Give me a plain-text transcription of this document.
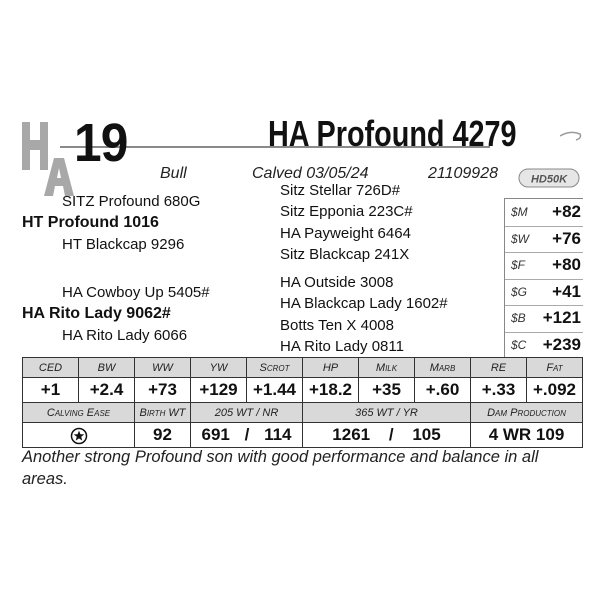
19	HA Profound 4279
Bull	Calved 03/05/24	21109928	HD50K
SITZ Profound 680G
HT Profound 1016
HT Blackcap 9296
Sitz Stellar 726D#
Sitz Epponia 223C#
HA Payweight 6464
Sitz Blackcap 241X
HA Cowboy Up 5405#
HA Rito Lady 9062#
HA Rito Lady 6066
HA Outside 3008
HA Blackcap Lady 1602#
Botts Ten X 4008
HA Rito Lady 0811
$M +82
$W +76
$F +80
$G +41
$B +121
$C +239
CED	BW	WW	YW	Scrot	HP	Milk	Marb	RE	Fat
+1	+2.4	+73	+129	+1.44	+18.2	+35	+.60	+.33	+.092
Calving Ease		Birth WT	205 WT / NR		365 WT / YR			Dam Production	
	92	691 / 114		1261 / 105			4 WR 109	
Another strong Profound son with good performance and balance in all areas.
